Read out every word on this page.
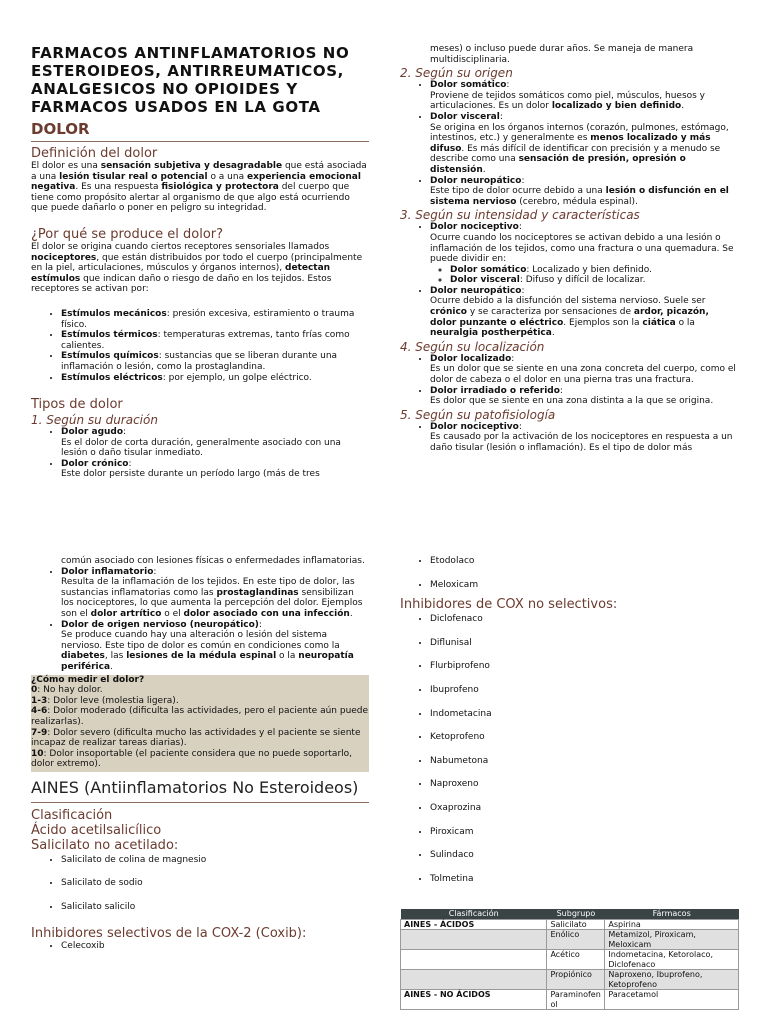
FARMACOS ANTINFLAMATORIOS NO ESTEROIDEOS, ANTIRREUMATICOS, ANALGESICOS NO OPIOIDES Y FARMACOS USADOS EN LA GOTA
DOLOR
Definición del dolor

El dolor es una sensación subjetiva y desagradable que está asociada a una lesión tisular real o potencial o a una experiencia emocional negativa. Es una respuesta fisiológica y protectora del cuerpo que tiene como propósito alertar al organismo de que algo está ocurriendo que puede dañarlo o poner en peligro su integridad.

¿Por qué se produce el dolor?

El dolor se origina cuando ciertos receptores sensoriales llamados nociceptores, que están distribuidos por todo el cuerpo (principalmente en la piel, articulaciones, músculos y órganos internos), detectan estímulos que indican daño o riesgo de daño en los tejidos. Estos receptores se activan por:

• Estímulos mecánicos: presión excesiva, estiramiento o trauma físico.
• Estímulos térmicos: temperaturas extremas, tanto frías como calientes.
• Estímulos químicos: sustancias que se liberan durante una inflamación o lesión, como la prostaglandina.
• Estímulos eléctricos: por ejemplo, un golpe eléctrico.
Tipos de dolor
1. Según su duración
• Dolor agudo:
Es el dolor de corta duración, generalmente asociado con una lesión o daño tisular inmediato.
• Dolor crónico:
Este dolor persiste durante un período largo (más de tres

meses) o incluso puede durar años. Se maneja de manera multidisciplinaria.

2. Según su origen
• Dolor somático:
Proviene de tejidos somáticos como piel, músculos, huesos y articulaciones. Es un dolor localizado y bien definido.
• Dolor visceral:
Se origina en los órganos internos (corazón, pulmones, estómago, intestinos, etc.) y generalmente es menos localizado y más difuso. Es más difícil de identificar con precisión y a menudo se describe como una sensación de presión, opresión o distensión.
• Dolor neuropático:
Este tipo de dolor ocurre debido a una lesión o disfunción en el sistema nervioso (cerebro, médula espinal).
3. Según su intensidad y características
• Dolor nociceptivo:
Ocurre cuando los nociceptores se activan debido a una lesión o inflamación de los tejidos, como una fractura o una quemadura. Se puede dividir en:
◦ Dolor somático: Localizado y bien definido.
◦ Dolor visceral: Difuso y difícil de localizar.
• Dolor neuropático:
Ocurre debido a la disfunción del sistema nervioso. Suele ser crónico y se caracteriza por sensaciones de ardor, picazón, dolor punzante o eléctrico. Ejemplos son la ciática o la neuralgia postherpética.
4. Según su localización
• Dolor localizado:
Es un dolor que se siente en una zona concreta del cuerpo, como el dolor de cabeza o el dolor en una pierna tras una fractura.
• Dolor irradiado o referido:
Es dolor que se siente en una zona distinta a la que se origina.
5. Según su patofisiología
• Dolor nociceptivo:
Es causado por la activación de los nociceptores en respuesta a un daño tisular (lesión o inflamación). Es el tipo de dolor más

común asociado con lesiones físicas o enfermedades inflamatorias.

• Dolor inflamatorio:
Resulta de la inflamación de los tejidos. En este tipo de dolor, las sustancias inflamatorias como las prostaglandinas sensibilizan los nociceptores, lo que aumenta la percepción del dolor. Ejemplos son el dolor artrítico o el dolor asociado con una infección.
• Dolor de origen nervioso (neuropático):
Se produce cuando hay una alteración o lesión del sistema nervioso. Este tipo de dolor es común en condiciones como la diabetes, las lesiones de la médula espinal o la neuropatía periférica.
¿Cómo medir el dolor?
0: No hay dolor.
1-3: Dolor leve (molestia ligera).
4-6: Dolor moderado (dificulta las actividades, pero el paciente aún puede realizarlas).
7-9: Dolor severo (dificulta mucho las actividades y el paciente se siente incapaz de realizar tareas diarias).
10: Dolor insoportable (el paciente considera que no puede soportarlo, dolor extremo).
AINES (Antiinflamatorios No Esteroideos)
Clasificación
Ácido acetilsalicílico
Salicilato no acetilado:
• Salicilato de colina de magnesio
• Salicilato de sodio
• Salicilato salicilo
Inhibidores selectivos de la COX-2 (Coxib):
• Celecoxib
• Etodolaco
• Meloxicam
Inhibidores de COX no selectivos:
• Diclofenaco
• Diflunisal
• Flurbiprofeno
• Ibuprofeno
• Indometacina
• Ketoprofeno
• Nabumetona
• Naproxeno
• Oxaprozina
• Piroxicam
• Sulindaco
• Tolmetina
Clasificación	Subgrupo	Fármacos
AINES - ÁCIDOS	Salicilato	Aspirina
	Enólico	Metamizol, Piroxicam, Meloxicam
	Acético	Indometacina, Ketorolaco, Diclofenaco
	Propiónico	Naproxeno, Ibuprofeno, Ketoprofeno
AINES - NO ÁCIDOS	Paraminofenol	Paracetamol
